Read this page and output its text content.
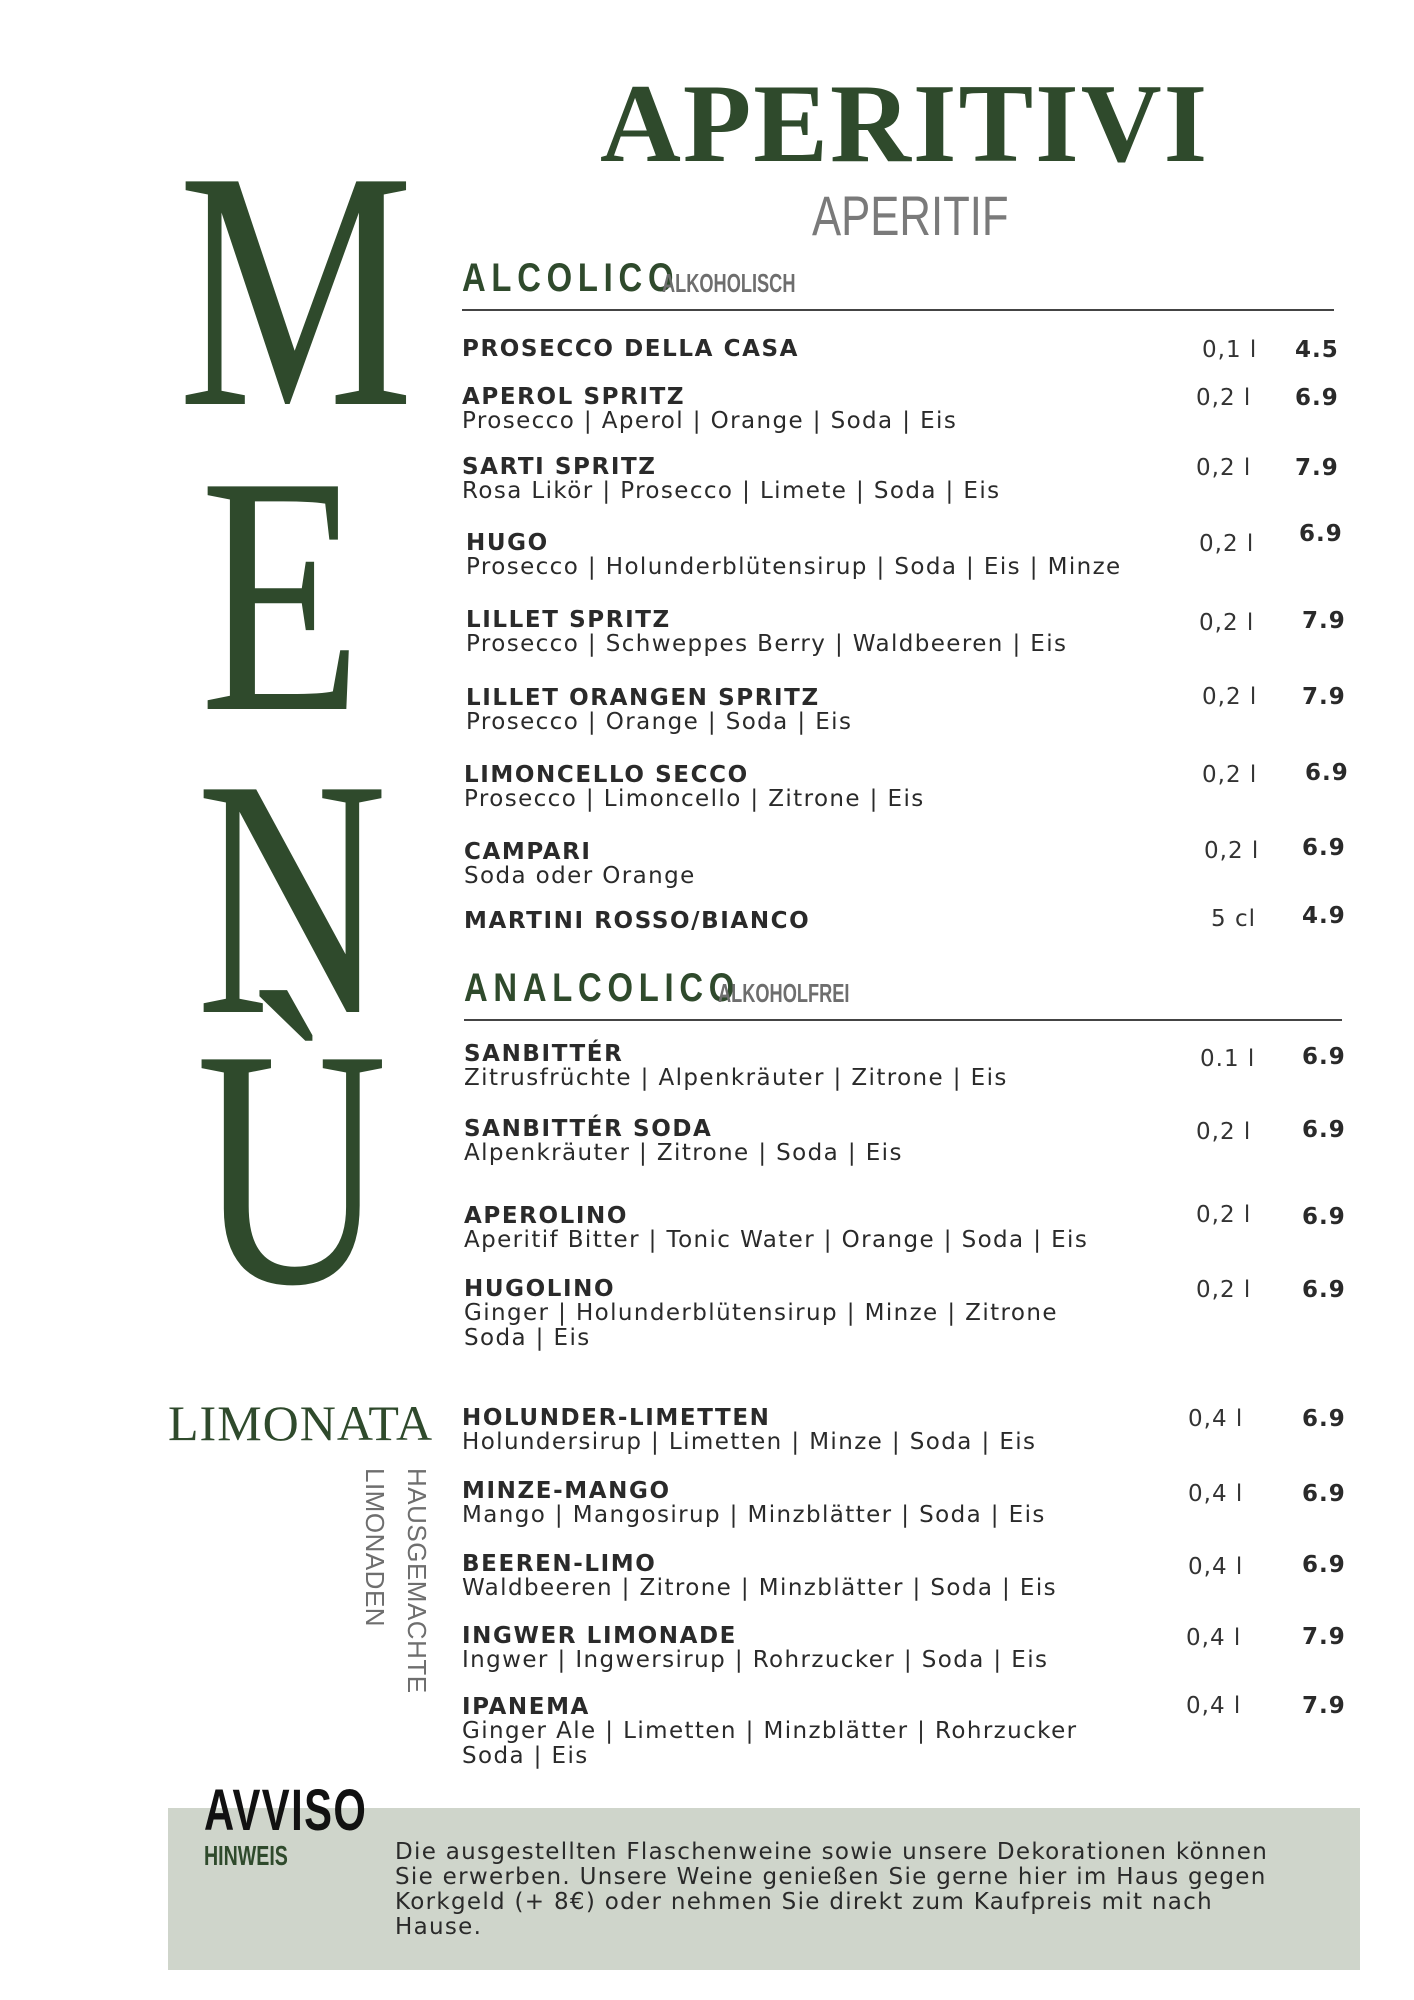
M
E
N
Ù
APERITIVI
APERITIF
ALCOLICO
ALKOHOLISCH
PROSECCO DELLA CASA	0,1 l 4.5
APEROL SPRITZ
Prosecco | Aperol | Orange | Soda | Eis
0,2 l 6.9
SARTI SPRITZ
Rosa Likör | Prosecco | Limete | Soda | Eis
0,2 l 7.9
HUGO
Prosecco | Holunderblütensirup | Soda | Eis | Minze
0,2 l 6.9
LILLET SPRITZ
Prosecco | Schweppes Berry | Waldbeeren | Eis
0,2 l 7.9
LILLET ORANGEN SPRITZ
Prosecco | Orange | Soda | Eis
0,2 l 7.9
LIMONCELLO SECCO
Prosecco | Limoncello | Zitrone | Eis
0,2 l 6.9
CAMPARI
Soda oder Orange
0,2 l 6.9
MARTINI ROSSO/BIANCO	5 cl 4.9
ANALCOLICO
ALKOHOLFREI
SANBITTÉR
Zitrusfrüchte | Alpenkräuter | Zitrone | Eis
0.1 l 6.9
SANBITTÉR SODA
Alpenkräuter | Zitrone | Soda | Eis
0,2 l 6.9
APEROLINO
Aperitif Bitter | Tonic Water | Orange | Soda | Eis
0,2 l 6.9
HUGOLINO
Ginger | Holunderblütensirup | Minze | Zitrone
Soda | Eis
0,2 l 6.9
LIMONATA
HAUSGEMACHTE
LIMONADEN
HOLUNDER-LIMETTEN
Holundersirup | Limetten | Minze | Soda | Eis
0,4 l	6.9
MINZE-MANGO
Mango | Mangosirup | Minzblätter | Soda | Eis
0,4 l	6.9
BEEREN-LIMO
Waldbeeren | Zitrone | Minzblätter | Soda | Eis
0,4 l	6.9
INGWER LIMONADE
Ingwer | Ingwersirup | Rohrzucker | Soda | Eis
0,4 l	7.9
IPANEMA
Ginger Ale | Limetten | Minzblätter | Rohrzucker
Soda | Eis
0,4 l	7.9
AVVISO
HINWEIS	Die ausgestellten Flaschenweine sowie unsere Dekorationen können Sie erwerben. Unsere Weine genießen Sie gerne hier im Haus gegen Korkgeld (+ 8€) oder nehmen Sie direkt zum Kaufpreis mit nach Hause.
